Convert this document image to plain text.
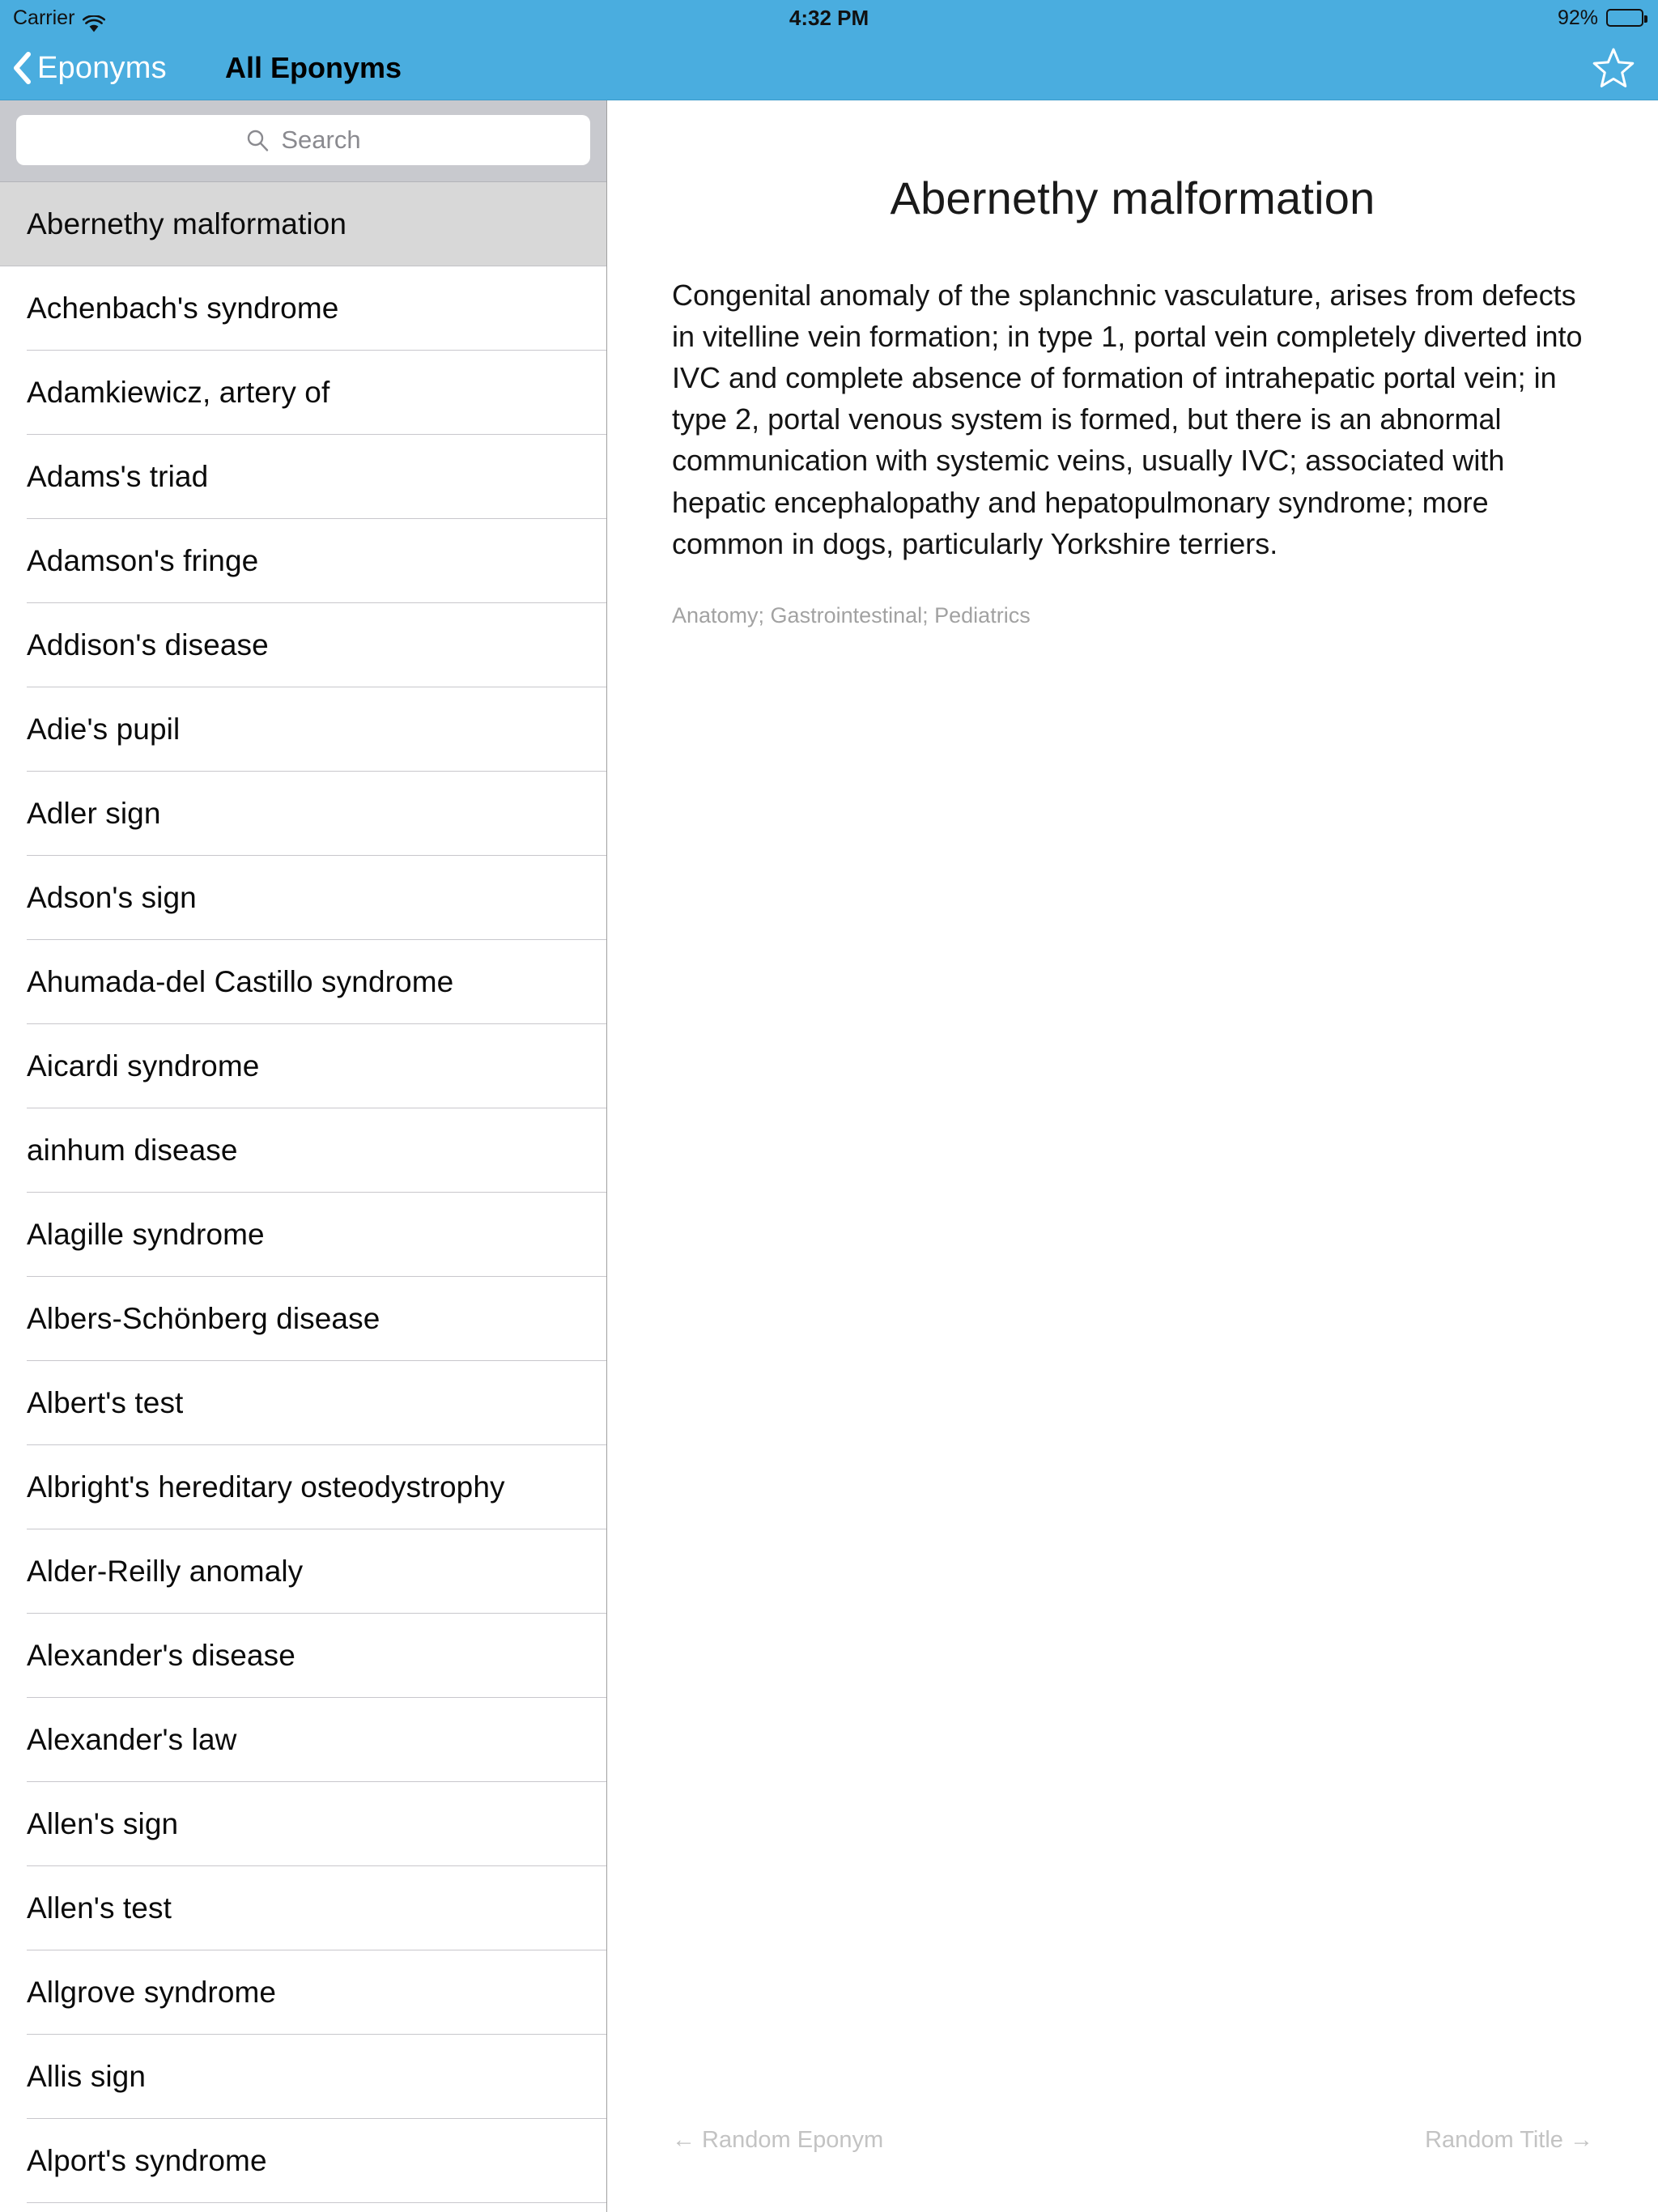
Carrier	4:32 PM	92%
Eponyms All Eponyms
Search
Abernethy malformation
Achenbach's syndrome
Adamkiewicz, artery of
Adams's triad
Adamson's fringe
Addison's disease
Adie's pupil
Adler sign
Adson's sign
Ahumada-del Castillo syndrome
Aicardi syndrome
ainhum disease
Alagille syndrome
Albers-Schönberg disease
Albert's test
Albright's hereditary osteodystrophy
Alder-Reilly anomaly
Alexander's disease
Alexander's law
Allen's sign
Allen's test
Allgrove syndrome
Allis sign
Alport's syndrome
Abernethy malformation
Congenital anomaly of the splanchnic vasculature, arises from defects in vitelline vein formation; in type 1, portal vein completely diverted into IVC and complete absence of formation of intrahepatic portal vein; in type 2, portal venous system is formed, but there is an abnormal communication with systemic veins, usually IVC; associated with hepatic encephalopathy and hepatopulmonary syndrome; more common in dogs, particularly Yorkshire terriers.
Anatomy; Gastrointestinal; Pediatrics
← Random Eponym	Random Title →
